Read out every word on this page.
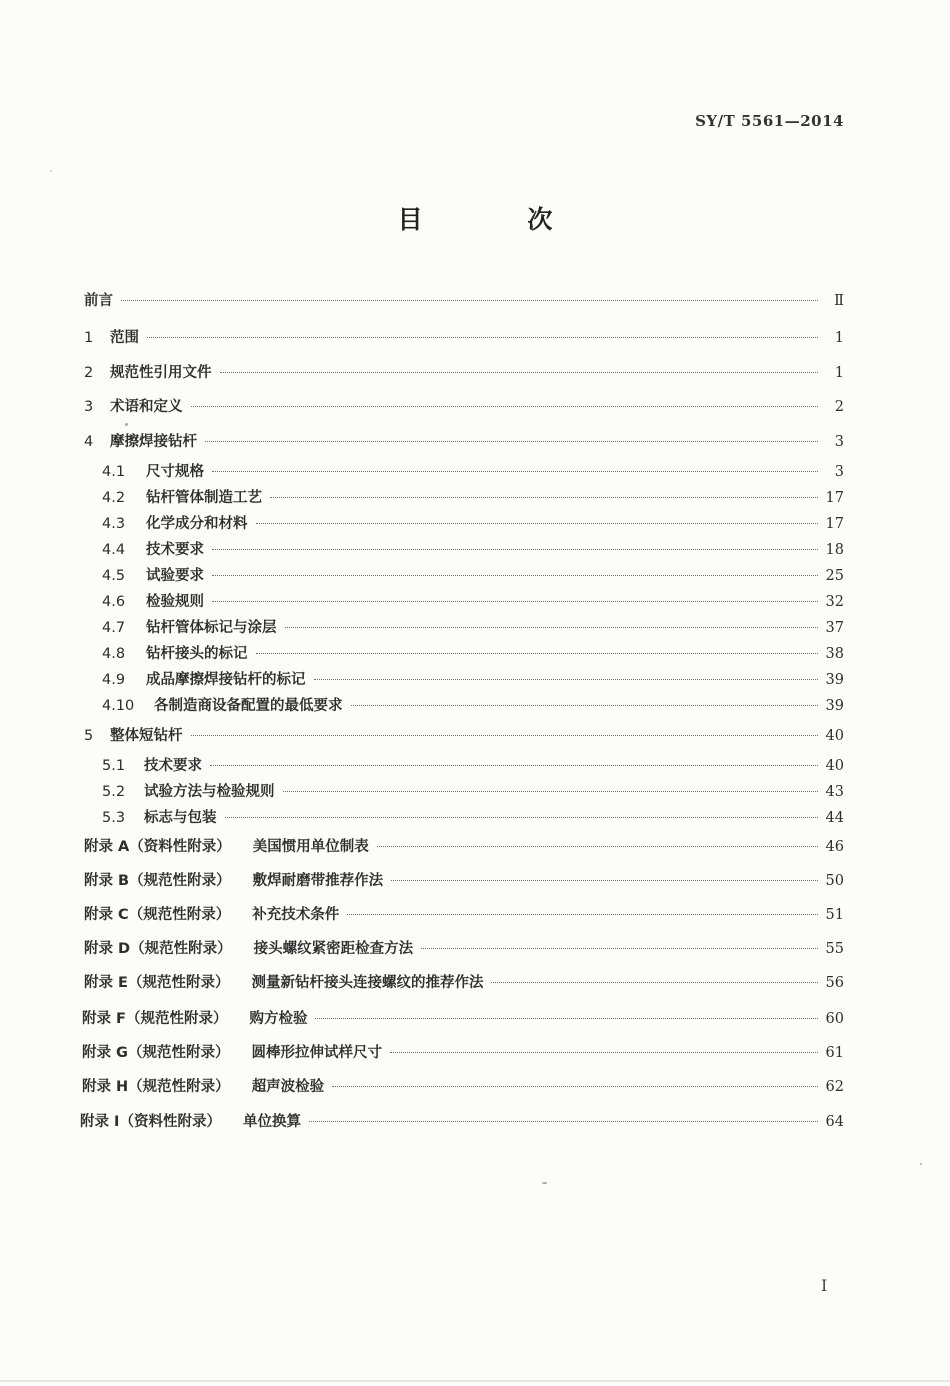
SY/T 5561—2014
目 次
前言	Ⅱ
1	范围	1
2	规范性引用文件	1
3	术语和定义	2
4	摩擦焊接钻杆	3
4.1	尺寸规格	3
4.2	钻杆管体制造工艺	17
4.3	化学成分和材料	17
4.4	技术要求	18
4.5	试验要求	25
4.6	检验规则	32
4.7	钻杆管体标记与涂层	37
4.8	钻杆接头的标记	38
4.9	成品摩擦焊接钻杆的标记	39
4.10	各制造商设备配置的最低要求	39
5	整体短钻杆	40
5.1	技术要求	40
5.2	试验方法与检验规则	43
5.3	标志与包装	44
附录 A（资料性附录） 美国惯用单位制表	46
附录 B（规范性附录） 敷焊耐磨带推荐作法	50
附录 C（规范性附录） 补充技术条件	51
附录 D（规范性附录） 接头螺纹紧密距检查方法	55
附录 E（规范性附录） 测量新钻杆接头连接螺纹的推荐作法	56
附录 F（规范性附录） 购方检验	60
附录 G（规范性附录） 圆棒形拉伸试样尺寸	61
附录 H（规范性附录） 超声波检验	62
附录 I（资料性附录） 单位换算	64
I
